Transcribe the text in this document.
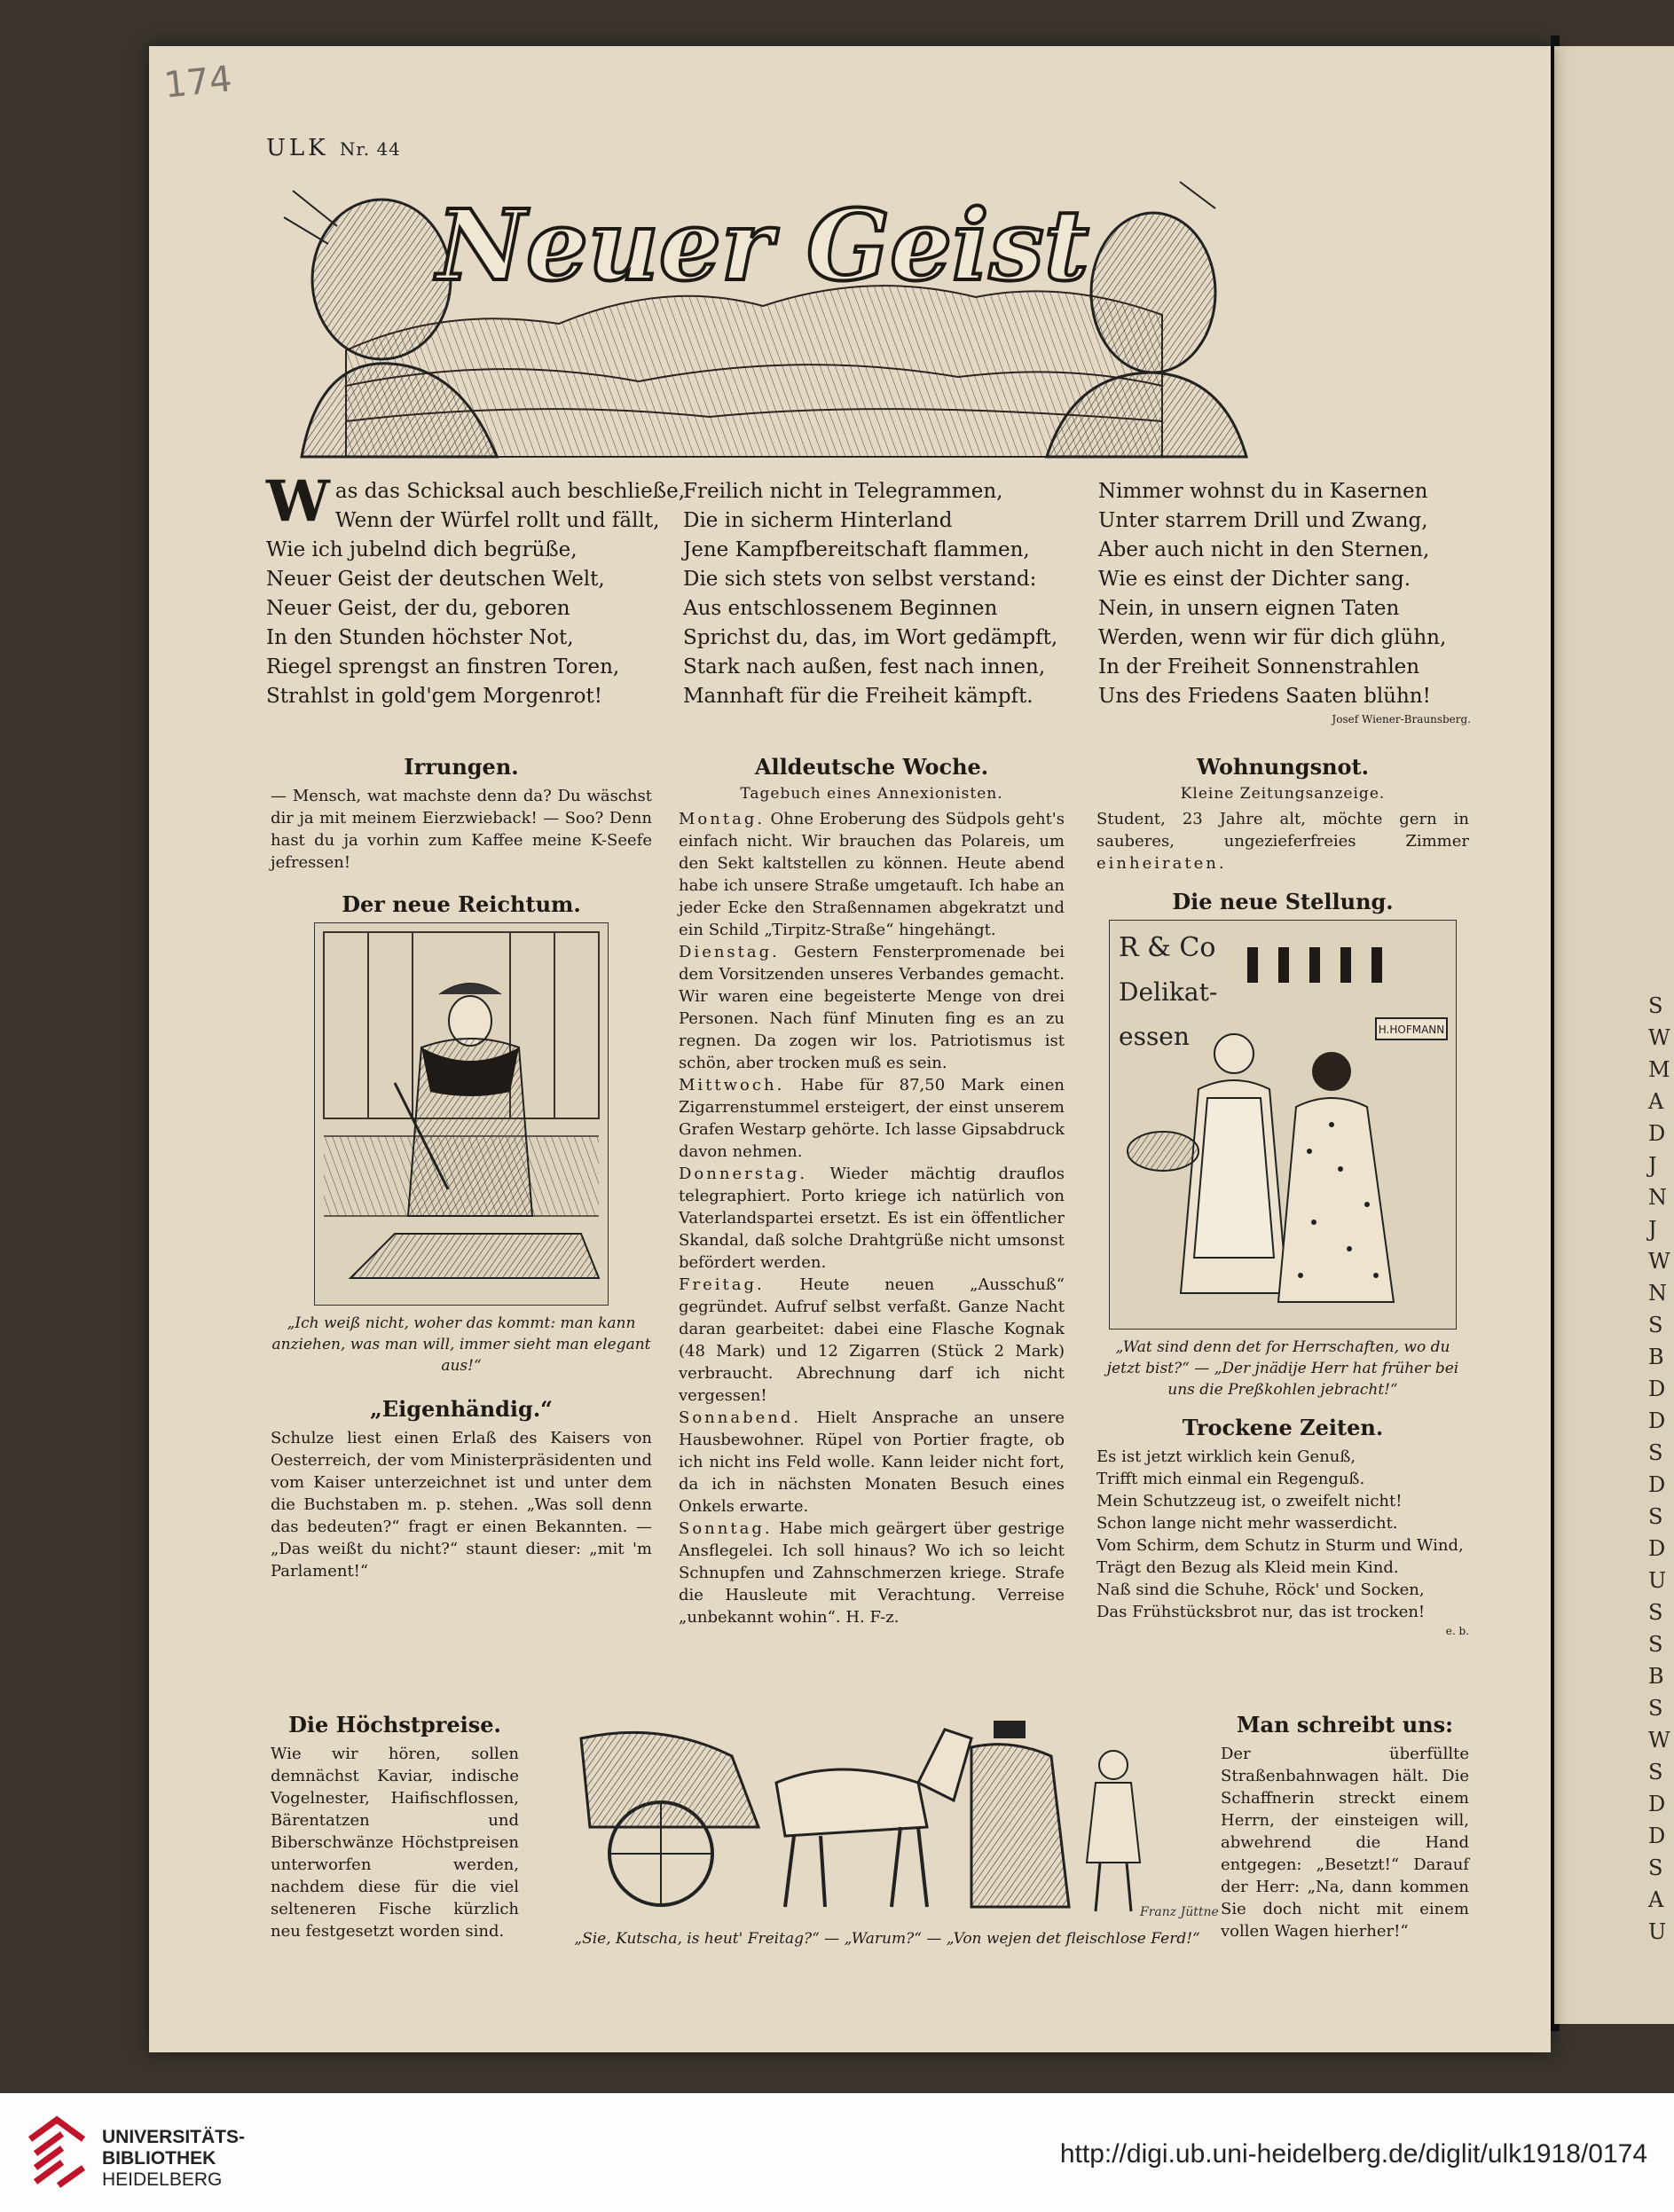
174
ULK Nr. 44
Neuer Geist
W as das Schicksal auch beschließe,
Wenn der Würfel rollt und fällt,
Wie ich jubelnd dich begrüße,
Neuer Geist der deutschen Welt,
Neuer Geist, der du, geboren
In den Stunden höchster Not,
Riegel sprengst an finstren Toren,
Strahlst in gold'gem Morgenrot!
Freilich nicht in Telegrammen,
Die in sicherm Hinterland
Jene Kampfbereitschaft flammen,
Die sich stets von selbst verstand:
Aus entschlossenem Beginnen
Sprichst du, das, im Wort gedämpft,
Stark nach außen, fest nach innen,
Mannhaft für die Freiheit kämpft.
Nimmer wohnst du in Kasernen
Unter starrem Drill und Zwang,
Aber auch nicht in den Sternen,
Wie es einst der Dichter sang.
Nein, in unsern eignen Taten
Werden, wenn wir für dich glühn,
In der Freiheit Sonnenstrahlen
Uns des Friedens Saaten blühn!

Josef Wiener-Braunsberg.

Irrungen.

— Mensch, wat machste denn da? Du wäschst dir ja mit meinem Eierzwieback! — Soo? Denn hast du ja vorhin zum Kaffee meine K-Seefe jefressen!

Der neue Reichtum.

„Ich weiß nicht, woher das kommt: man kann anziehen, was man will, immer sieht man elegant aus!“

„Eigenhändig.“

Schulze liest einen Erlaß des Kaisers von Oesterreich, der vom Ministerpräsidenten und vom Kaiser unterzeichnet ist und unter dem die Buchstaben m. p. stehen. „Was soll denn das bedeuten?“ fragt er einen Bekannten. — „Das weißt du nicht?“ staunt dieser: „mit 'm Parlament!“

Alldeutsche Woche.

Tagebuch eines Annexionisten.

Montag. Ohne Eroberung des Südpols geht's einfach nicht. Wir brauchen das Polareis, um den Sekt kaltstellen zu können. Heute abend habe ich unsere Straße umgetauft. Ich habe an jeder Ecke den Straßennamen abgekratzt und ein Schild „Tirpitz-Straße“ hingehängt.

Dienstag. Gestern Fensterpromenade bei dem Vorsitzenden unseres Verbandes gemacht. Wir waren eine begeisterte Menge von drei Personen. Nach fünf Minuten fing es an zu regnen. Da zogen wir los. Patriotismus ist schön, aber trocken muß es sein.

Mittwoch. Habe für 87,50 Mark einen Zigarrenstummel ersteigert, der einst unserem Grafen Westarp gehörte. Ich lasse Gipsabdruck davon nehmen.

Donnerstag. Wieder mächtig drauflos telegraphiert. Porto kriege ich natürlich von Vaterlandspartei ersetzt. Es ist ein öffentlicher Skandal, daß solche Drahtgrüße nicht umsonst befördert werden.

Freitag. Heute neuen „Ausschuß“ gegründet. Aufruf selbst verfaßt. Ganze Nacht daran gearbeitet: dabei eine Flasche Kognak (48 Mark) und 12 Zigarren (Stück 2 Mark) verbraucht. Abrechnung darf ich nicht vergessen!

Sonnabend. Hielt Ansprache an unsere Hausbewohner. Rüpel von Portier fragte, ob ich nicht ins Feld wolle. Kann leider nicht fort, da ich in nächsten Monaten Besuch eines Onkels erwarte.

Sonntag. Habe mich geärgert über gestrige Ansflegelei. Ich soll hinaus? Wo ich so leicht Schnupfen und Zahnschmerzen kriege. Strafe die Hausleute mit Verachtung. Verreise „unbekannt wohin“. H. F-z.

Wohnungsnot.

Kleine Zeitungsanzeige.

Student, 23 Jahre alt, möchte gern in sauberes, ungezieferfreies Zimmer einheiraten.

Die neue Stellung.
R & Co
Delikat-
essen	H.HOFMANN

„Wat sind denn det for Herrschaften, wo du jetzt bist?“ — „Der jnädije Herr hat früher bei uns die Preßkohlen jebracht!“

Trockene Zeiten.
Es ist jetzt wirklich kein Genuß,
Trifft mich einmal ein Regenguß.
Mein Schutzzeug ist, o zweifelt nicht!
Schon lange nicht mehr wasserdicht.
Vom Schirm, dem Schutz in Sturm und Wind,
Trägt den Bezug als Kleid mein Kind.
Naß sind die Schuhe, Röck' und Socken,
Das Frühstücksbrot nur, das ist trocken!

e. b.

Die Höchstpreise.

Wie wir hören, sollen demnächst Kaviar, indische Vogelnester, Haifischflossen, Bärentatzen und Biberschwänze Höchstpreisen unterworfen werden, nachdem diese für die viel selteneren Fische kürzlich neu festgesetzt worden sind.

Franz Jüttner

„Sie, Kutscha, is heut' Freitag?“ — „Warum?“ — „Von wejen det fleischlose Ferd!“

Man schreibt uns:

Der überfüllte Straßenbahnwagen hält. Die Schaffnerin streckt einem Herrn, der einsteigen will, abwehrend die Hand entgegen: „Besetzt!“ Darauf der Herr: „Na, dann kommen Sie doch nicht mit einem vollen Wagen hierher!“

S
W
M
A
D
J
N
J
W
N
S
B
D
D
S
D
S
D
U
S
S
B
S
W
S
D
D
S
A
U
UNIVERSITÄTS-
BIBLIOTHEK
HEIDELBERG
http://digi.ub.uni-heidelberg.de/diglit/ulk1918/0174
